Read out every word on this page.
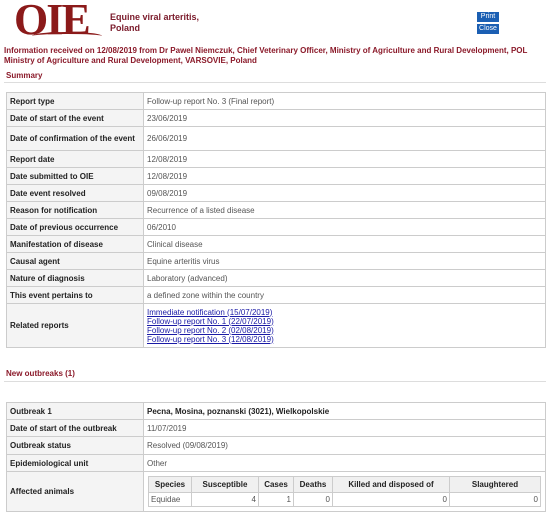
OIE Equine viral arteritis,
Poland
Print
Close
Information received on 12/08/2019 from Dr Pawel Niemczuk, Chief Veterinary Officer, Ministry of Agriculture and Rural Development, POL Ministry of Agriculture and Rural Development, VARSOVIE, Poland
Summary
Report type	Follow-up report No. 3 (Final report)
Date of start of the event	23/06/2019
Date of confirmation of the event	26/06/2019
Report date	12/08/2019
Date submitted to OIE	12/08/2019
Date event resolved	09/08/2019
Reason for notification	Recurrence of a listed disease
Date of previous occurrence	06/2010
Manifestation of disease	Clinical disease
Causal agent	Equine arteritis virus
Nature of diagnosis	Laboratory (advanced)
This event pertains to	a defined zone within the country
Related reports	Immediate notification (15/07/2019)
Follow-up report No. 1 (22/07/2019)
Follow-up report No. 2 (02/08/2019)
Follow-up report No. 3 (12/08/2019)
New outbreaks (1)
Outbreak 1	Pecna, Mosina, poznanski (3021), Wielkopolskie
Date of start of the outbreak	11/07/2019
Outbreak status	Resolved (09/08/2019)
Epidemiological unit	Other
Affected animals	
Species	Susceptible	Cases	Deaths	Killed and disposed of	Slaughtered
Equidae	4	1	0	0	0
